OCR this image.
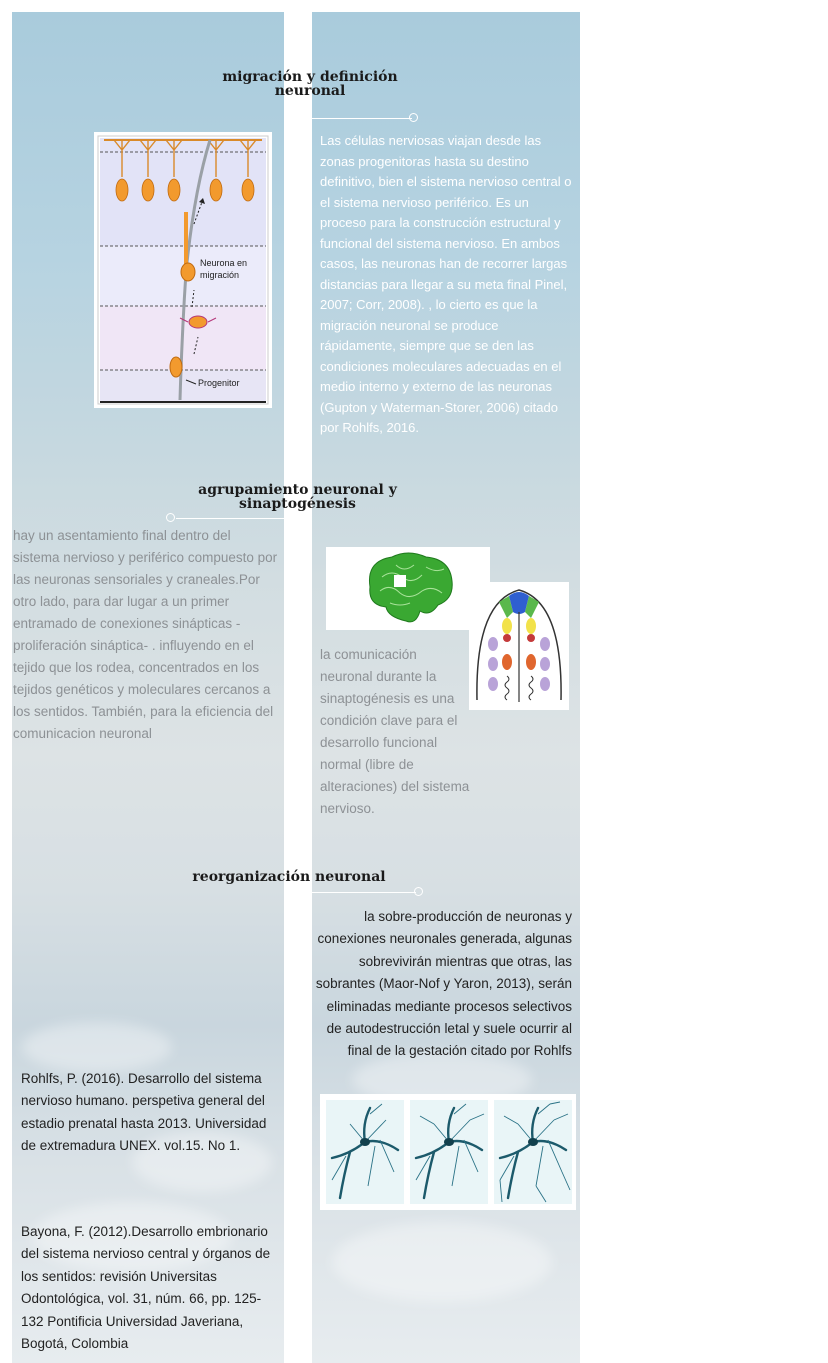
migración y definición
neuronal
Neurona en
migración
Progenitor

Las células nerviosas viajan desde las zonas progenitoras hasta su destino definitivo, bien el sistema nervioso central o el sistema nervioso periférico. Es un proceso para la construcción estructural y funcional del sistema nervioso. En ambos casos, las neuronas han de recorrer largas distancias para llegar a su meta final Pinel, 2007; Corr, 2008). , lo cierto es que la migración neuronal se produce rápidamente, siempre que se den las condiciones moleculares adecuadas en el medio interno y externo de las neuronas (Gupton y Waterman-Storer, 2006) citado por Rohlfs, 2016.

agrupamiento neuronal y
sinaptogénesis

hay un asentamiento final dentro del sistema nervioso y periférico compuesto por las neuronas sensoriales y craneales.Por otro lado, para dar lugar a un primer entramado de conexiones sinápticas -proliferación sináptica- . influyendo en el tejido que los rodea, concentrados en los tejidos genéticos y moleculares cercanos a los sentidos. También, para la eficiencia del comunicacion neuronal

la comunicación neuronal durante la sinaptogénesis es una condición clave para el desarrollo funcional normal (libre de alteraciones) del sistema nervioso.

reorganización neuronal

la sobre-producción de neuronas y conexiones neuronales generada, algunas sobrevivirán mientras que otras, las sobrantes (Maor-Nof y Yaron, 2013), serán eliminadas mediante procesos selectivos de autodestrucción letal y suele ocurrir al final de la gestación citado por Rohlfs

Rohlfs, P. (2016). Desarrollo del sistema nervioso humano. perspetiva general del estadio prenatal hasta 2013. Universidad de extremadura UNEX. vol.15. No 1.

Bayona, F. (2012).Desarrollo embrionario del sistema nervioso central y órganos de los sentidos: revisión Universitas Odontológica, vol. 31, núm. 66, pp. 125-132 Pontificia Universidad Javeriana, Bogotá, Colombia
